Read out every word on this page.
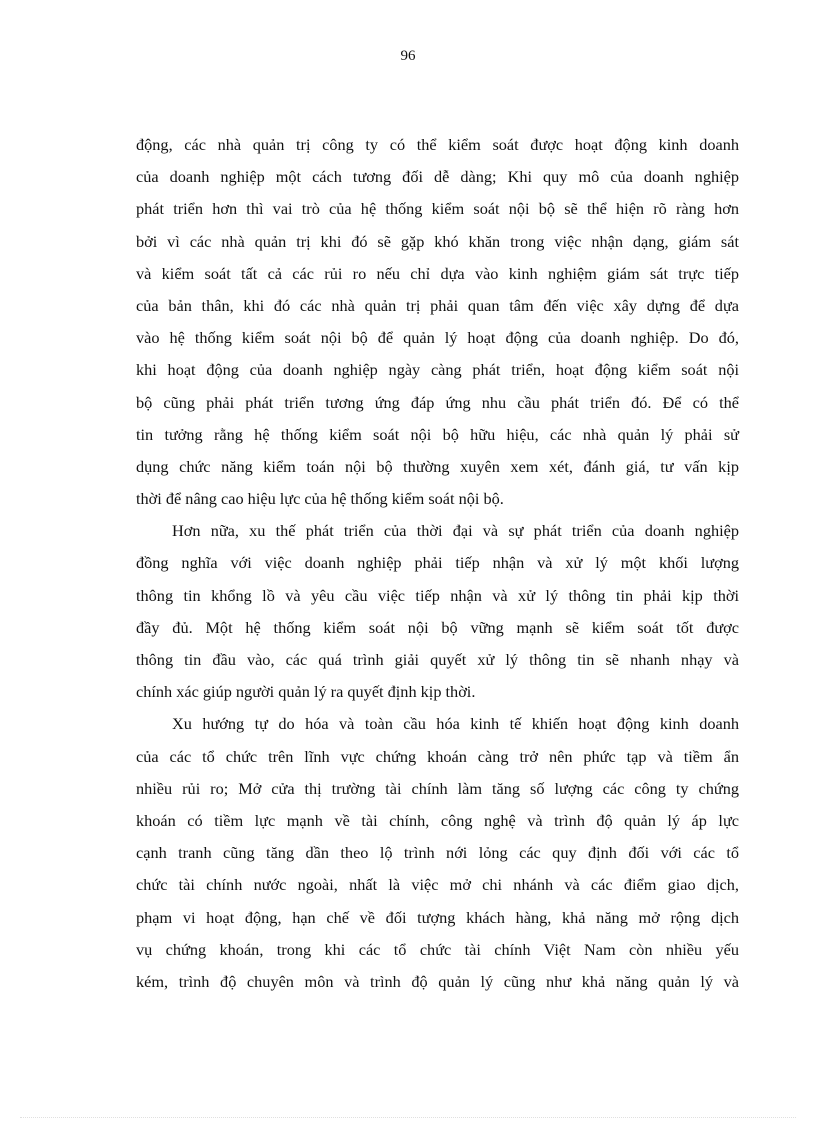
96
động, các nhà quản trị công ty có thể kiểm soát được hoạt động kinh doanh
của doanh nghiệp một cách tương đối dễ dàng; Khi quy mô của doanh nghiệp
phát triển hơn thì vai trò của hệ thống kiểm soát nội bộ sẽ thể hiện rõ ràng hơn
bởi vì các nhà quản trị khi đó sẽ gặp khó khăn trong việc nhận dạng, giám sát
và kiểm soát tất cả các rủi ro nếu chỉ dựa vào kinh nghiệm giám sát trực tiếp
của bản thân, khi đó các nhà quản trị phải quan tâm đến việc xây dựng để dựa
vào hệ thống kiểm soát nội bộ để quản lý hoạt động của doanh nghiệp. Do đó,
khi hoạt động của doanh nghiệp ngày càng phát triển, hoạt động kiểm soát nội
bộ cũng phải phát triển tương ứng đáp ứng nhu cầu phát triển đó. Để có thể
tin tưởng rằng hệ thống kiểm soát nội bộ hữu hiệu, các nhà quản lý phải sử
dụng chức năng kiểm toán nội bộ thường xuyên xem xét, đánh giá, tư vấn kịp
thời để nâng cao hiệu lực của hệ thống kiểm soát nội bộ.
Hơn nữa, xu thế phát triển của thời đại và sự phát triển của doanh nghiệp
đồng nghĩa với việc doanh nghiệp phải tiếp nhận và xử lý một khối lượng
thông tin khổng lồ và yêu cầu việc tiếp nhận và xử lý thông tin phải kịp thời
đầy đủ. Một hệ thống kiểm soát nội bộ vững mạnh sẽ kiểm soát tốt được
thông tin đầu vào, các quá trình giải quyết xử lý thông tin sẽ nhanh nhạy và
chính xác giúp người quản lý ra quyết định kịp thời.
Xu hướng tự do hóa và toàn cầu hóa kinh tế khiến hoạt động kinh doanh
của các tổ chức trên lĩnh vực chứng khoán càng trở nên phức tạp và tiềm ẩn
nhiều rủi ro; Mở cửa thị trường tài chính làm tăng số lượng các công ty chứng
khoán có tiềm lực mạnh về tài chính, công nghệ và trình độ quản lý áp lực
cạnh tranh cũng tăng dần theo lộ trình nới lỏng các quy định đối với các tổ
chức tài chính nước ngoài, nhất là việc mở chi nhánh và các điểm giao dịch,
phạm vi hoạt động, hạn chế về đối tượng khách hàng, khả năng mở rộng dịch
vụ chứng khoán, trong khi các tổ chức tài chính Việt Nam còn nhiều yếu
kém, trình độ chuyên môn và trình độ quản lý cũng như khả năng quản lý và
